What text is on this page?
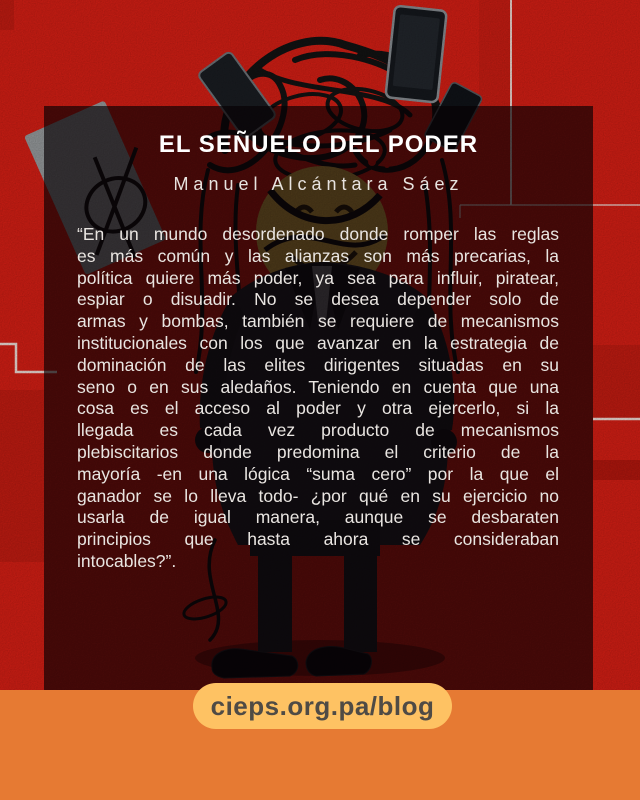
EL SEÑUELO DEL PODER
Manuel Alcántara Sáez
“En un mundo desordenado donde romper las reglas
es más común y las alianzas son más precarias, la
política quiere más poder, ya sea para influir, piratear,
espiar o disuadir. No se desea depender solo de
armas y bombas, también se requiere de mecanismos
institucionales con los que avanzar en la estrategia de
dominación de las elites dirigentes situadas en su
seno o en sus aledaños. Teniendo en cuenta que una
cosa es el acceso al poder y otra ejercerlo, si la
llegada es cada vez producto de mecanismos
plebiscitarios donde predomina el criterio de la
mayoría -en una lógica “suma cero” por la que el
ganador se lo lleva todo- ¿por qué en su ejercicio no
usarla de igual manera, aunque se desbaraten
principios que hasta ahora se consideraban
intocables?”.
cieps.org.pa/blog
